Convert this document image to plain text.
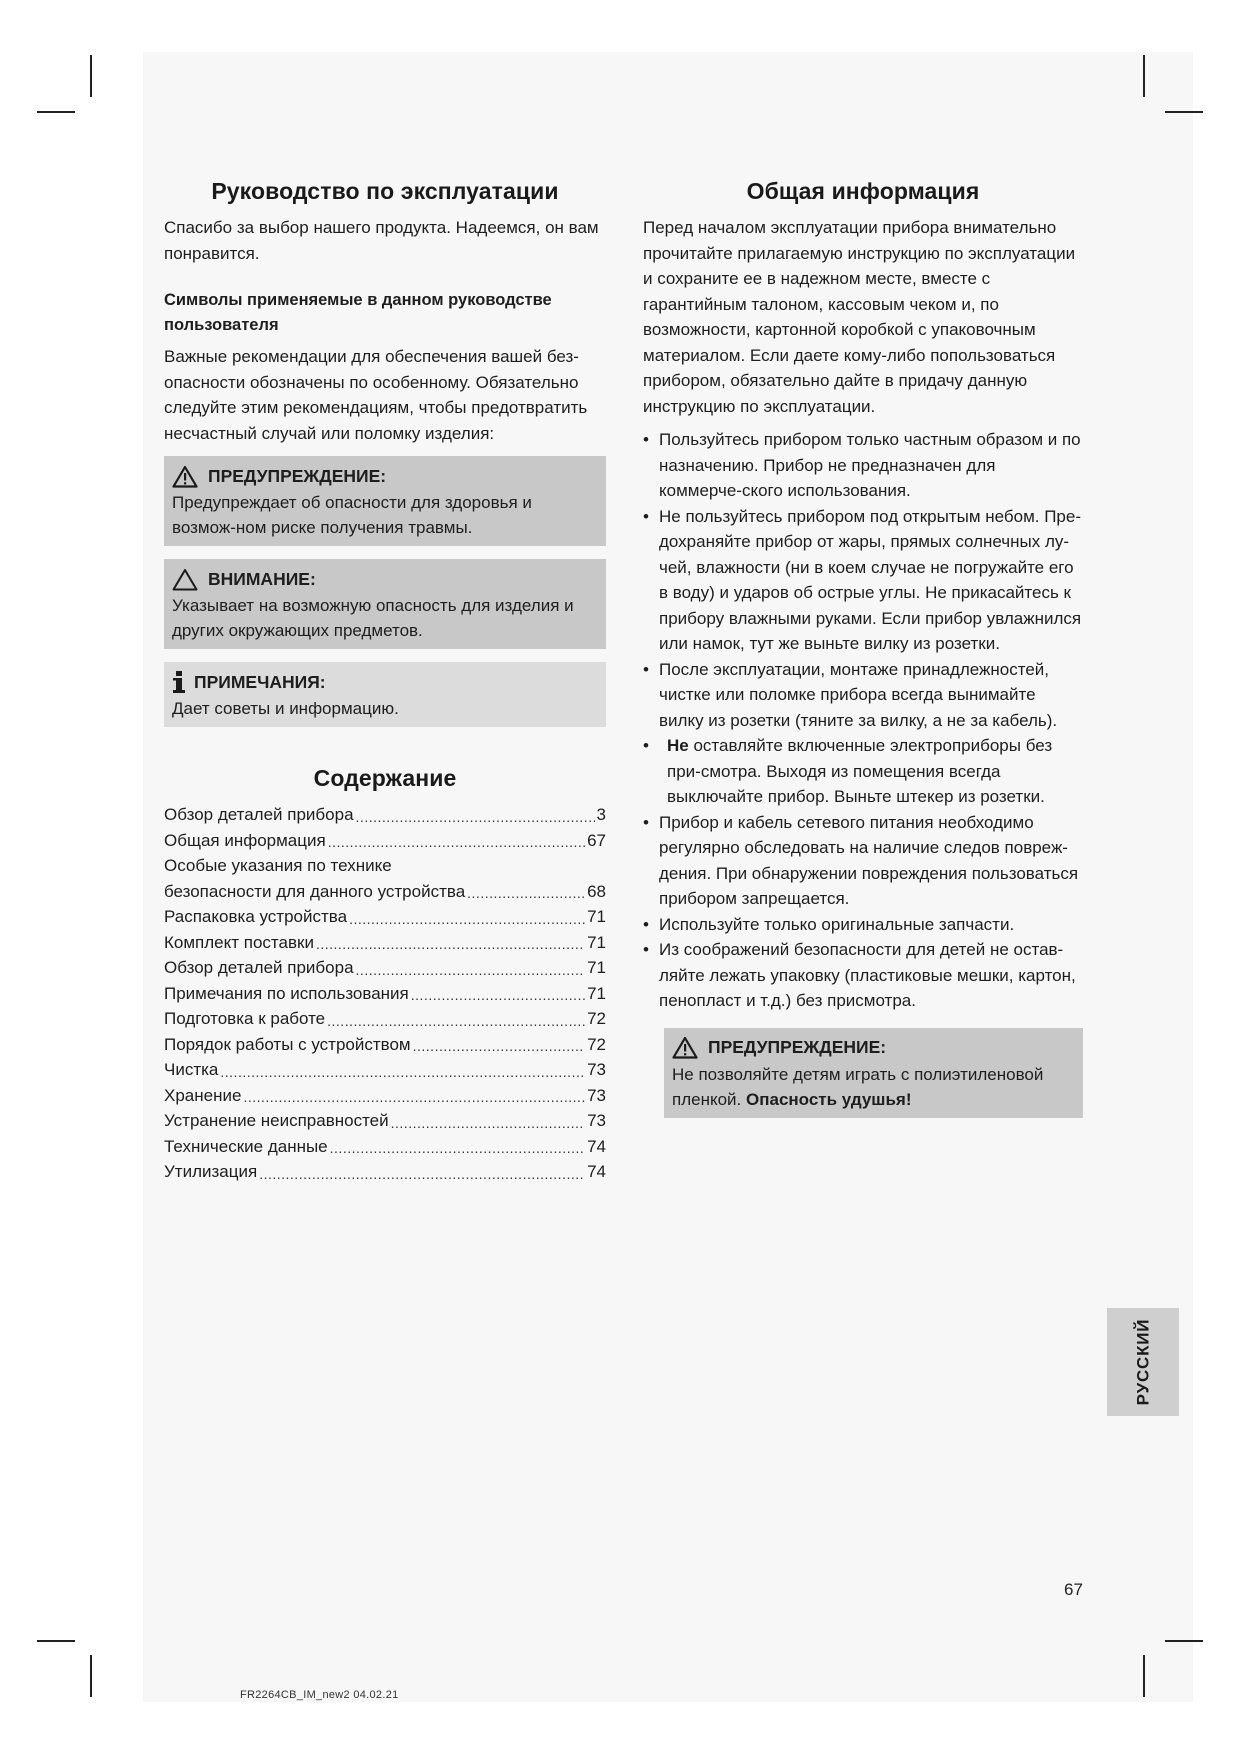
Руководство по эксплуатации

Спасибо за выбор нашего продукта. Надеемся, он вам понравится.

Символы применяемые в данном руководстве
пользователя

Важные рекомендации для обеспечения вашей без-опасности обозначены по особенному. Обязательно следуйте этим рекомендациям, чтобы предотвратить несчастный случай или поломку изделия:

ПРЕДУПРЕЖДЕНИЕ:
Предупреждает об опасности для здоровья и возмож-ном риске получения травмы.
ВНИМАНИЕ:
Указывает на возможную опасность для изделия и других окружающих предметов.
ПРИМЕЧАНИЯ:
Дает советы и информацию.
Содержание
Обзор деталей прибора .....	3
Общая информация .....	67
Особые указания по технике
безопасности для данного устройства .....	68
Распаковка устройства .....	71
Комплект поставки .....	71
Обзор деталей прибора .....	71
Примечания по использования .....	71
Подготовка к работе .....	72
Порядок работы с устройством .....	72
Чистка .....	73
Хранение .....	73
Устранение неисправностей .....	73
Технические данные .....	74
Утилизация .....	74
Общая информация

Перед началом эксплуатации прибора внимательно прочитайте прилагаемую инструкцию по эксплуатации и сохраните ее в надежном месте, вместе с гарантийным талоном, кассовым чеком и, по возможности, картонной коробкой с упаковочным материалом. Если даете кому-либо попользоваться прибором, обязательно дайте в придачу данную инструкцию по эксплуатации.

• Пользуйтесь прибором только частным образом и по назначению. Прибор не предназначен для коммерче-ского использования.
• Не пользуйтесь прибором под открытым небом. Пре-дохраняйте прибор от жары, прямых солнечных лу-чей, влажности (ни в коем случае не погружайте его в воду) и ударов об острые углы. Не прикасайтесь к прибору влажными руками. Если прибор увлажнился или намок, тут же выньте вилку из розетки.
• После эксплуатации, монтаже принадлежностей, чистке или поломке прибора всегда вынимайте вилку из розетки (тяните за вилку, а не за кабель).
• Не оставляйте включенные электроприборы без при-смотра. Выходя из помещения всегда выключайте прибор. Выньте штекер из розетки.
• Прибор и кабель сетевого питания необходимо регулярно обследовать на наличие следов повреж-дения. При обнаружении повреждения пользоваться прибором запрещается.
• Используйте только оригинальные запчасти.
• Из соображений безопасности для детей не остав-ляйте лежать упаковку (пластиковые мешки, картон, пенопласт и т.д.) без присмотра.
ПРЕДУПРЕЖДЕНИЕ:
Не позволяйте детям играть с полиэтиленовой пленкой. Опасность удушья!
РУССКИЙ
67
FR2264CB_IM_new2 04.02.21
